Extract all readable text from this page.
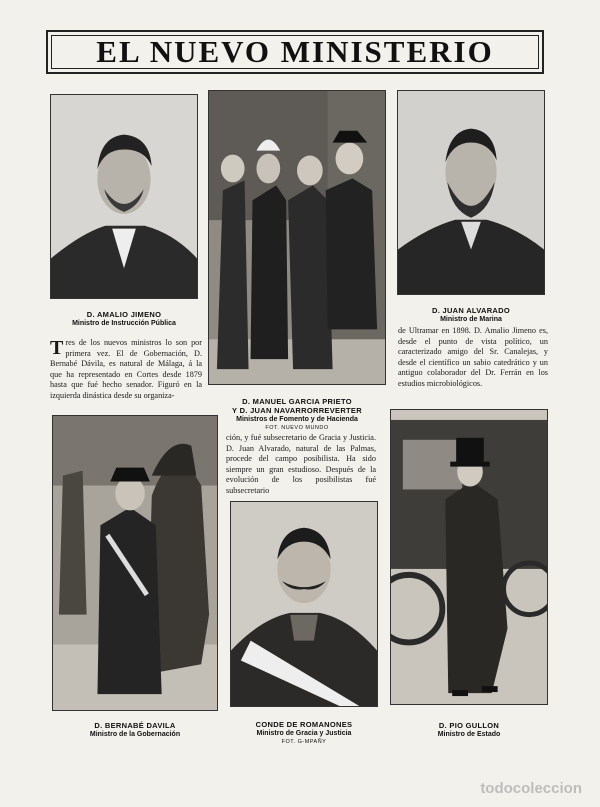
EL NUEVO MINISTERIO
D. AMALIO JIMENO
Ministro de Instrucción Pública
D. MANUEL GARCIA PRIETO
Y D. JUAN NAVARRORREVERTER
Ministros de Fomento y de Hacienda
FOT. NUEVO MUNDO
D. JUAN ALVARADO
Ministro de Marina

Tres de los nuevos ministros lo son por primera vez. El de Gobernación, D. Bernabé Dávila, es natural de Málaga, á la que ha representado en Cortes desde 1879 hasta que fué hecho senador. Figuró en la izquierda dinástica desde su organiza-

ción, y fué subsecretario de Gracia y Justicia. D. Juan Alvarado, natural de las Palmas, procede del campo posibilista. Ha sido siempre un gran estudioso. Después de la evolución de los posibilistas fué subsecretario

de Ultramar en 1898. D. Amalio Jimeno es, desde el punto de vista político, un caracterizado amigo del Sr. Canalejas, y desde el científico un sabio catedrático y un antiguo colaborador del Dr. Ferrán en los estudios microbiológicos.

D. BERNABÉ DAVILA
Ministro de la Gobernación
CONDE DE ROMANONES
Ministro de Gracia y Justicia
FOT. G-MPAÑY
D. PIO GULLON
Ministro de Estado
todocoleccion
